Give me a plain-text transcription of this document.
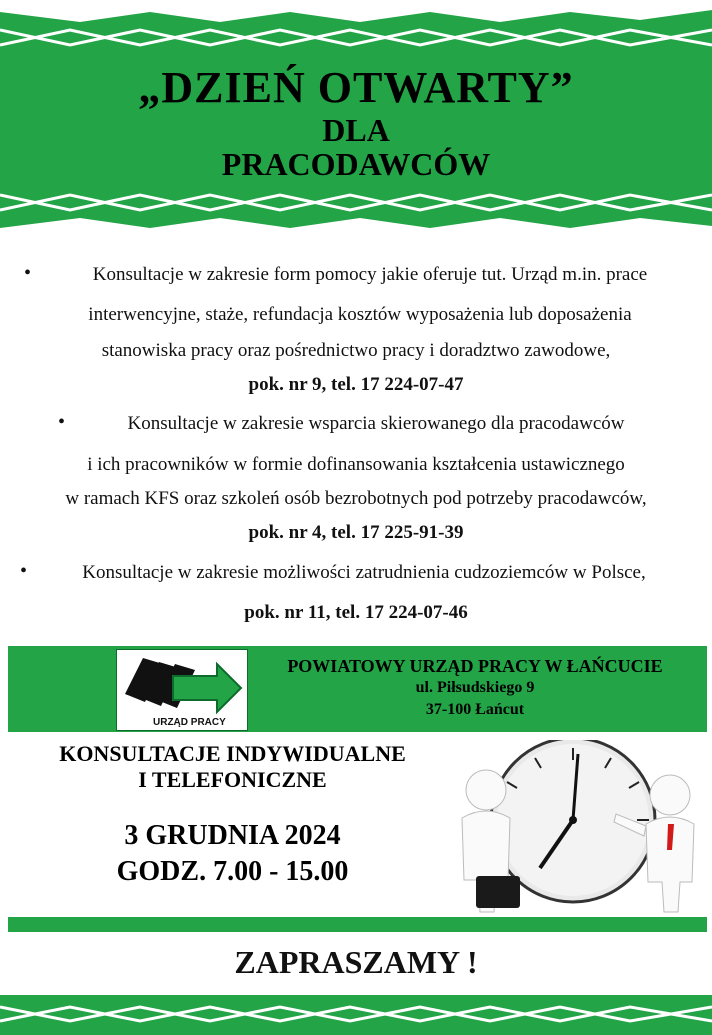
„DZIEŃ OTWARTY”
DLA
PRACODAWCÓW
•	Konsultacje w zakresie form pomocy jakie oferuje tut. Urząd m.in. prace
interwencyjne, staże, refundacja kosztów wyposażenia lub doposażenia
stanowiska pracy oraz pośrednictwo pracy i doradztwo zawodowe,
pok. nr 9, tel. 17 224-07-47
•	Konsultacje w zakresie wsparcia skierowanego dla pracodawców
i ich pracowników w formie dofinansowania kształcenia ustawicznego
w ramach KFS oraz szkoleń osób bezrobotnych pod potrzeby pracodawców,
pok. nr 4, tel. 17 225-91-39
•	Konsultacje w zakresie możliwości zatrudnienia cudzoziemców w Polsce,
pok. nr 11, tel. 17 224-07-46
URZĄD PRACY
POWIATOWY URZĄD PRACY W ŁAŃCUCIE
ul. Piłsudskiego 9
37-100 Łańcut
KONSULTACJE INDYWIDUALNE
I TELEFONICZNE
3 GRUDNIA 2024
GODZ. 7.00 - 15.00
ZAPRASZAMY !
